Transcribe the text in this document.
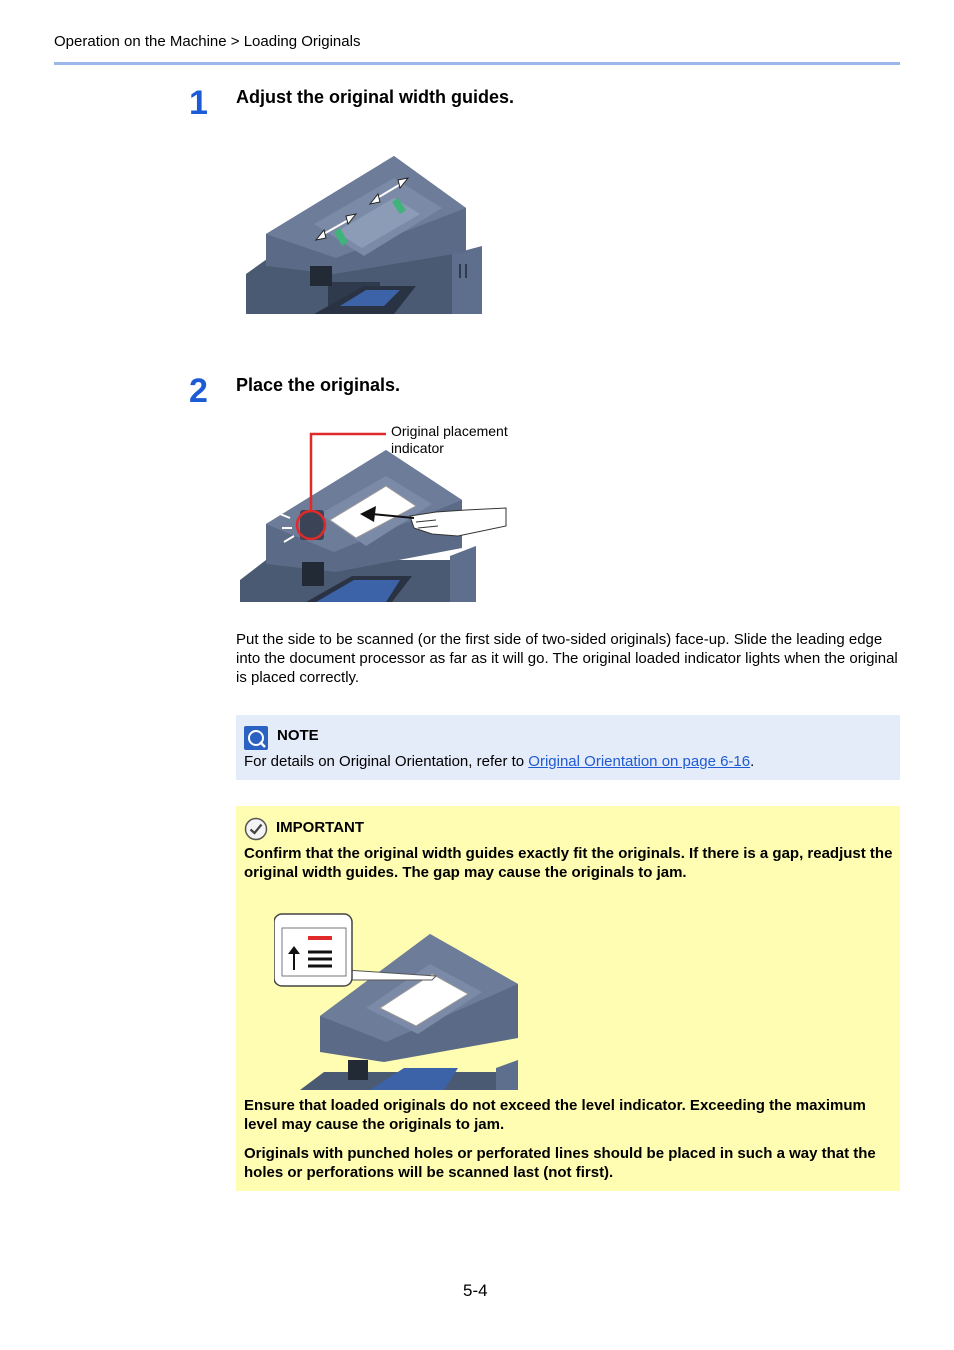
Operation on the Machine > Loading Originals
1 Adjust the original width guides.
2 Place the originals.
Original placement indicator
Put the side to be scanned (or the first side of two-sided originals) face-up. Slide the leading edge into the document processor as far as it will go. The original loaded indicator lights when the original is placed correctly.
NOTE
For details on Original Orientation, refer to Original Orientation on page 6-16.
IMPORTANT
Confirm that the original width guides exactly fit the originals. If there is a gap, readjust the original width guides. The gap may cause the originals to jam.
Ensure that loaded originals do not exceed the level indicator. Exceeding the maximum level may cause the originals to jam.
Originals with punched holes or perforated lines should be placed in such a way that the holes or perforations will be scanned last (not first).
5-4
